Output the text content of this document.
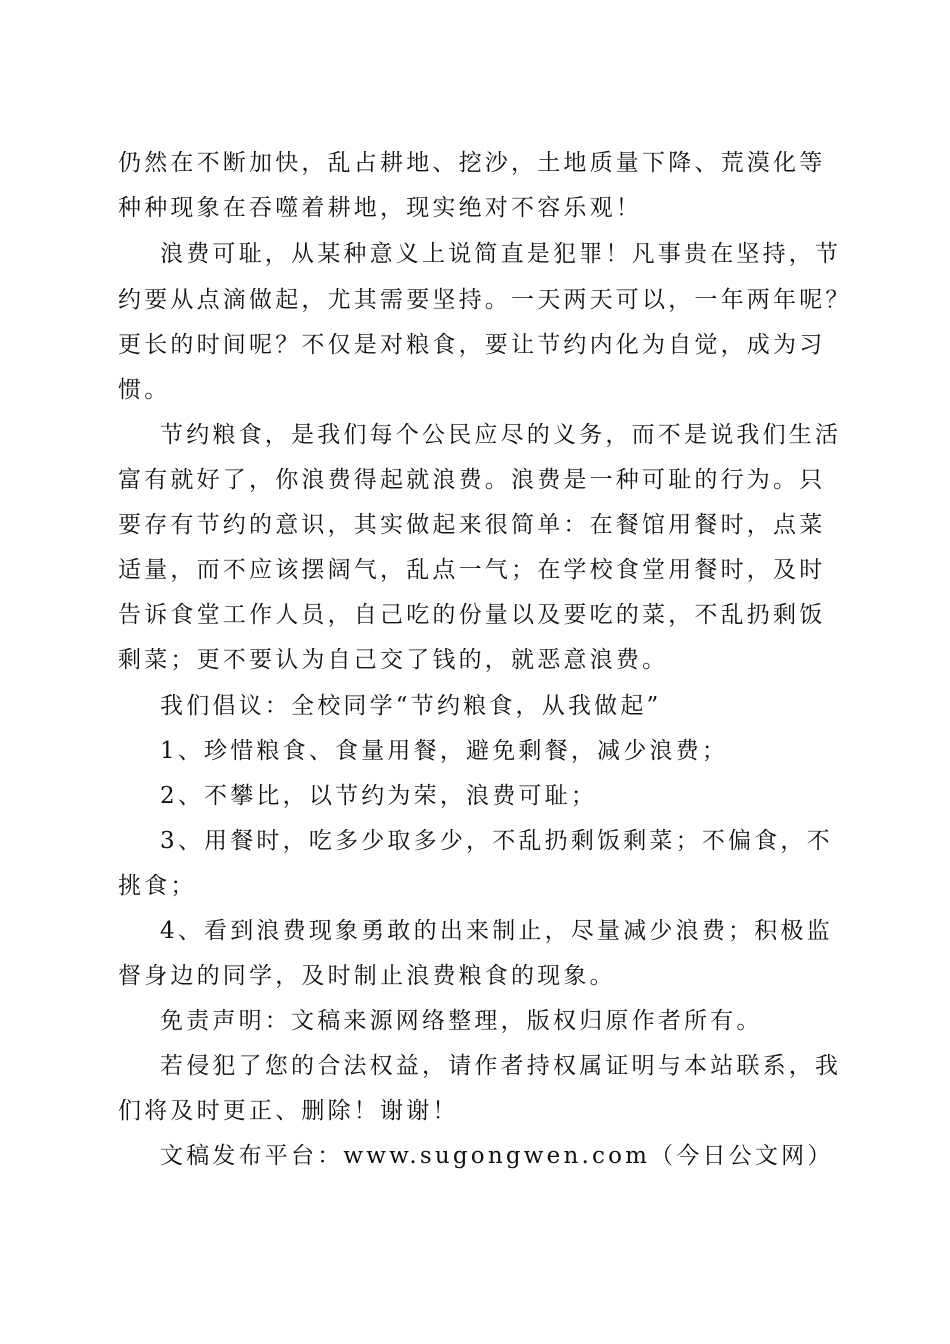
仍然在不断加快，乱占耕地、挖沙，土地质量下降、荒漠化等
种种现象在吞噬着耕地，现实绝对不容乐观！
浪费可耻，从某种意义上说简直是犯罪！凡事贵在坚持，节
约要从点滴做起，尤其需要坚持。一天两天可以，一年两年呢？
更长的时间呢？不仅是对粮食，要让节约内化为自觉，成为习
惯。
节约粮食，是我们每个公民应尽的义务，而不是说我们生活
富有就好了，你浪费得起就浪费。浪费是一种可耻的行为。只
要存有节约的意识，其实做起来很简单：在餐馆用餐时，点菜
适量，而不应该摆阔气，乱点一气；在学校食堂用餐时，及时
告诉食堂工作人员，自己吃的份量以及要吃的菜，不乱扔剩饭
剩菜；更不要认为自己交了钱的，就恶意浪费。
我们倡议：全校同学“节约粮食，从我做起”
1、珍惜粮食、食量用餐，避免剩餐，减少浪费；
2、不攀比，以节约为荣，浪费可耻；
3、用餐时，吃多少取多少，不乱扔剩饭剩菜；不偏食，不
挑食；
4、看到浪费现象勇敢的出来制止，尽量减少浪费；积极监
督身边的同学，及时制止浪费粮食的现象。
免责声明：文稿来源网络整理，版权归原作者所有。
若侵犯了您的合法权益，请作者持权属证明与本站联系，我
们将及时更正、删除！谢谢！
文稿发布平台：www.sugongwen.com（今日公文网）
